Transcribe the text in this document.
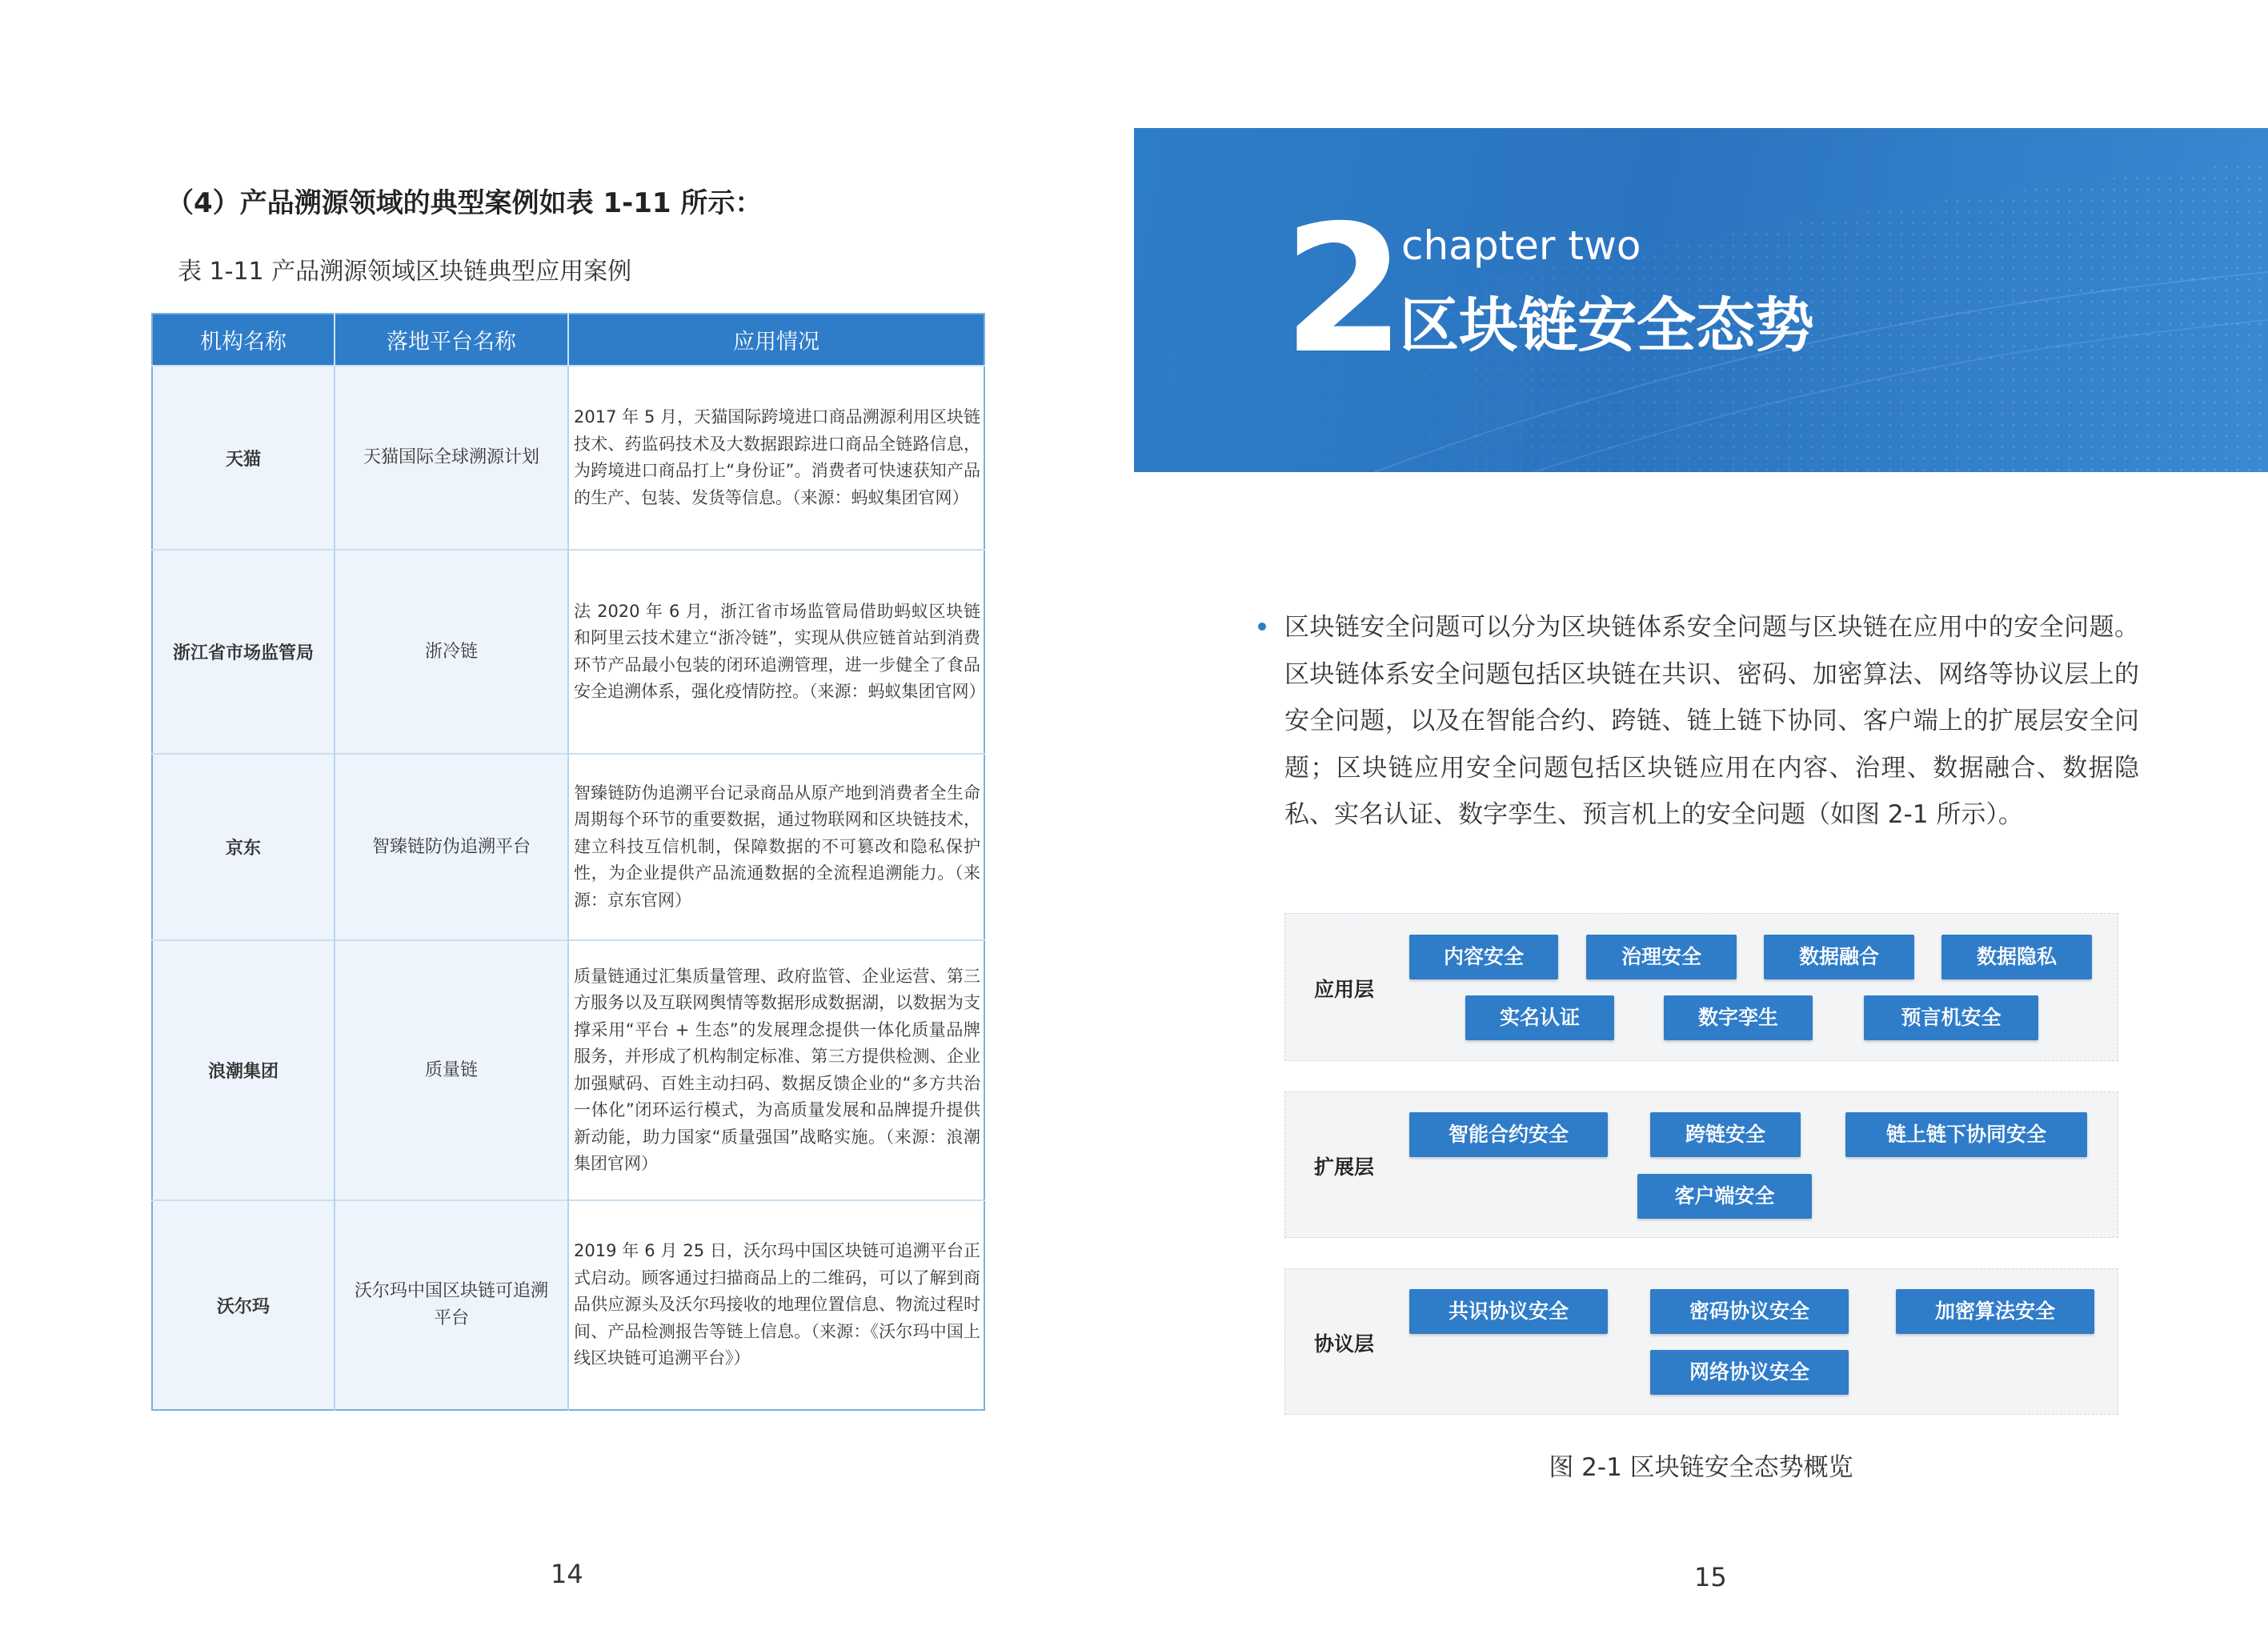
（4）产品溯源领域的典型案例如表 1-11 所示：
表 1-11 产品溯源领域区块链典型应用案例
机构名称	落地平台名称	应用情况
天猫	天猫国际全球溯源计划	2017 年 5 月，天猫国际跨境进口商品溯源利用区块链技术、药监码技术及大数据跟踪进口商品全链路信息，为跨境进口商品打上“身份证”。消费者可快速获知产品的生产、包装、发货等信息。（来源：蚂蚁集团官网）
浙江省市场监管局	浙冷链	法 2020 年 6 月，浙江省市场监管局借助蚂蚁区块链和阿里云技术建立“浙冷链”，实现从供应链首站到消费环节产品最小包装的闭环追溯管理，进一步健全了食品安全追溯体系，强化疫情防控。（来源：蚂蚁集团官网）
京东	智臻链防伪追溯平台	智臻链防伪追溯平台记录商品从原产地到消费者全生命周期每个环节的重要数据，通过物联网和区块链技术，建立科技互信机制，保障数据的不可篡改和隐私保护性，为企业提供产品流通数据的全流程追溯能力。（来源：京东官网）
浪潮集团	质量链	质量链通过汇集质量管理、政府监管、企业运营、第三方服务以及互联网舆情等数据形成数据湖，以数据为支撑采用“平台 + 生态”的发展理念提供一体化质量品牌服务，并形成了机构制定标准、第三方提供检测、企业加强赋码、百姓主动扫码、数据反馈企业的“多方共治一体化”闭环运行模式，为高质量发展和品牌提升提供新动能，助力国家“质量强国”战略实施。（来源：浪潮集团官网）
沃尔玛	沃尔玛中国区块链可追溯平台	2019 年 6 月 25 日，沃尔玛中国区块链可追溯平台正式启动。顾客通过扫描商品上的二维码，可以了解到商品供应源头及沃尔玛接收的地理位置信息、物流过程时间、产品检测报告等链上信息。（来源：《沃尔玛中国上线区块链可追溯平台》）
14
2 chapter two
区块链安全态势
区块链安全问题可以分为区块链体系安全问题与区块链在应用中的安全问题。区块链体系安全问题包括区块链在共识、密码、加密算法、网络等协议层上的安全问题，以及在智能合约、跨链、链上链下协同、客户端上的扩展层安全问题；区块链应用安全问题包括区块链应用在内容、治理、数据融合、数据隐私、实名认证、数字孪生、预言机上的安全问题（如图 2-1 所示）。
应用层
内容安全	治理安全	数据融合	数据隐私
实名认证	数字孪生	预言机安全
扩展层
智能合约安全	跨链安全	链上链下协同安全
客户端安全
协议层
共识协议安全	密码协议安全	加密算法安全
网络协议安全
图 2-1 区块链安全态势概览
15
